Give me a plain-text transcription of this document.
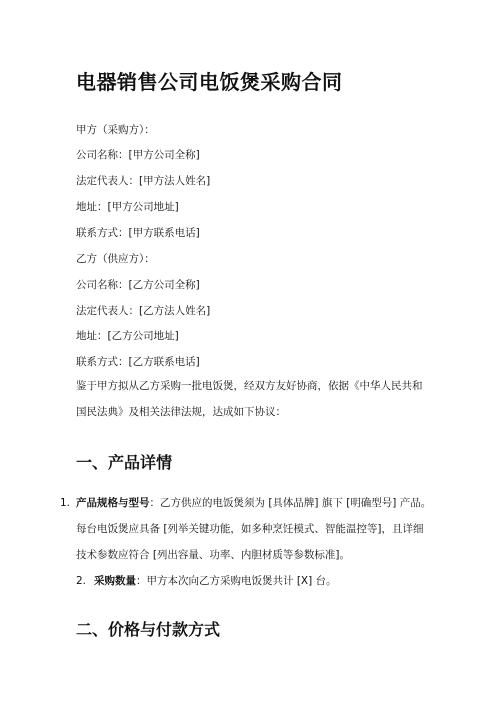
电器销售公司电饭煲采购合同
甲方（采购方）：
公司名称：[甲方公司全称]
法定代表人：[甲方法人姓名]
地址：[甲方公司地址]
联系方式：[甲方联系电话]
乙方（供应方）：
公司名称：[乙方公司全称]
法定代表人：[乙方法人姓名]
地址：[乙方公司地址]
联系方式：[乙方联系电话]
鉴于甲方拟从乙方采购一批电饭煲，经双方友好协商，依据《中华人民共和国民法典》及相关法律法规，达成如下协议：
一、产品详情
1. 产品规格与型号：乙方供应的电饭煲须为 [具体品牌] 旗下 [明确型号] 产品。每台电饭煲应具备 [列举关键功能，如多种烹饪模式、智能温控等]，且详细技术参数应符合 [列出容量、功率、内胆材质等参数标准]。
2. 采购数量：甲方本次向乙方采购电饭煲共计 [X] 台。
二、价格与付款方式
